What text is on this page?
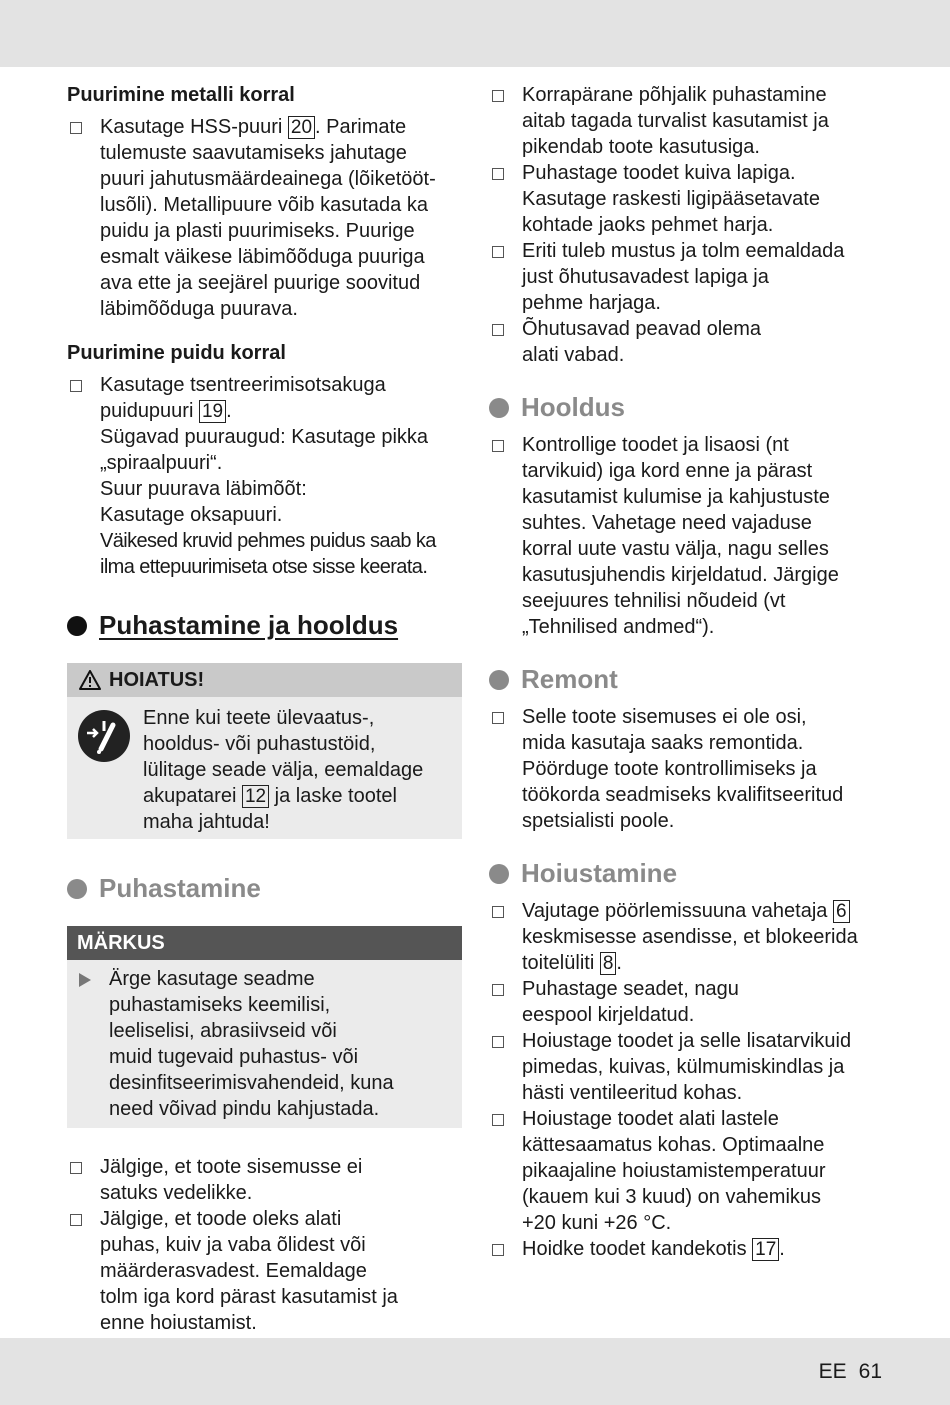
Puurimine metalli korral
Kasutage HSS-puuri 20 . Parimate
tulemuste saavutamiseks jahutage
puuri jahutusmäärdeainega (lõiketööt-
lusõli). Metallipuure võib kasutada ka
puidu ja plasti puurimiseks. Puurige
esmalt väikese läbimõõduga puuriga
ava ette ja seejärel puurige soovitud
läbimõõduga puurava.
Puurimine puidu korral
Kasutage tsentreerimisotsakuga
puidupuuri 19 .
Sügavad puuraugud: Kasutage pikka
„spiraalpuuri“.
Suur puurava läbimõõt:
Kasutage oksapuuri.
Väikesed kruvid pehmes puidus saab ka
ilma ettepuurimiseta otse sisse keerata.
Puhastamine ja hooldus
HOIATUS!
Enne kui teete ülevaatus-,
hooldus- või puhastustöid,
lülitage seade välja, eemaldage
akupatarei 12 ja laske tootel
maha jahtuda!
Puhastamine
MÄRKUS
Ärge kasutage seadme
puhastamiseks keemilisi,
leeliselisi, abrasiivseid või
muid tugevaid puhastus- või
desinfitseerimisvahendeid, kuna
need võivad pindu kahjustada.
Jälgige, et toote sisemusse ei
satuks vedelikke.
Jälgige, et toode oleks alati
puhas, kuiv ja vaba õlidest või
määrderasvadest. Eemaldage
tolm iga kord pärast kasutamist ja
enne hoiustamist.
Korrapärane põhjalik puhastamine
aitab tagada turvalist kasutamist ja
pikendab toote kasutusiga.
Puhastage toodet kuiva lapiga.
Kasutage raskesti ligipääsetavate
kohtade jaoks pehmet harja.
Eriti tuleb mustus ja tolm eemaldada
just õhutusavadest lapiga ja
pehme harjaga.
Õhutusavad peavad olema
alati vabad.
Hooldus
Kontrollige toodet ja lisaosi (nt
tarvikuid) iga kord enne ja pärast
kasutamist kulumise ja kahjustuste
suhtes. Vahetage need vajaduse
korral uute vastu välja, nagu selles
kasutusjuhendis kirjeldatud. Järgige
seejuures tehnilisi nõudeid (vt
„Tehnilised andmed“).
Remont
Selle toote sisemuses ei ole osi,
mida kasutaja saaks remontida.
Pöörduge toote kontrollimiseks ja
töökorda seadmiseks kvalifitseeritud
spetsialisti poole.
Hoiustamine
Vajutage pöörlemissuuna vahetaja 6
keskmisesse asendisse, et blokeerida
toitelüliti 8 .
Puhastage seadet, nagu
eespool kirjeldatud.
Hoiustage toodet ja selle lisatarvikuid
pimedas, kuivas, külmumiskindlas ja
hästi ventileeritud kohas.
Hoiustage toodet alati lastele
kättesaamatus kohas. Optimaalne
pikaajaline hoiustamistemperatuur
(kauem kui 3 kuud) on vahemikus
+20 kuni +26 °C.
Hoidke toodet kandekotis 17 .
EE 61
